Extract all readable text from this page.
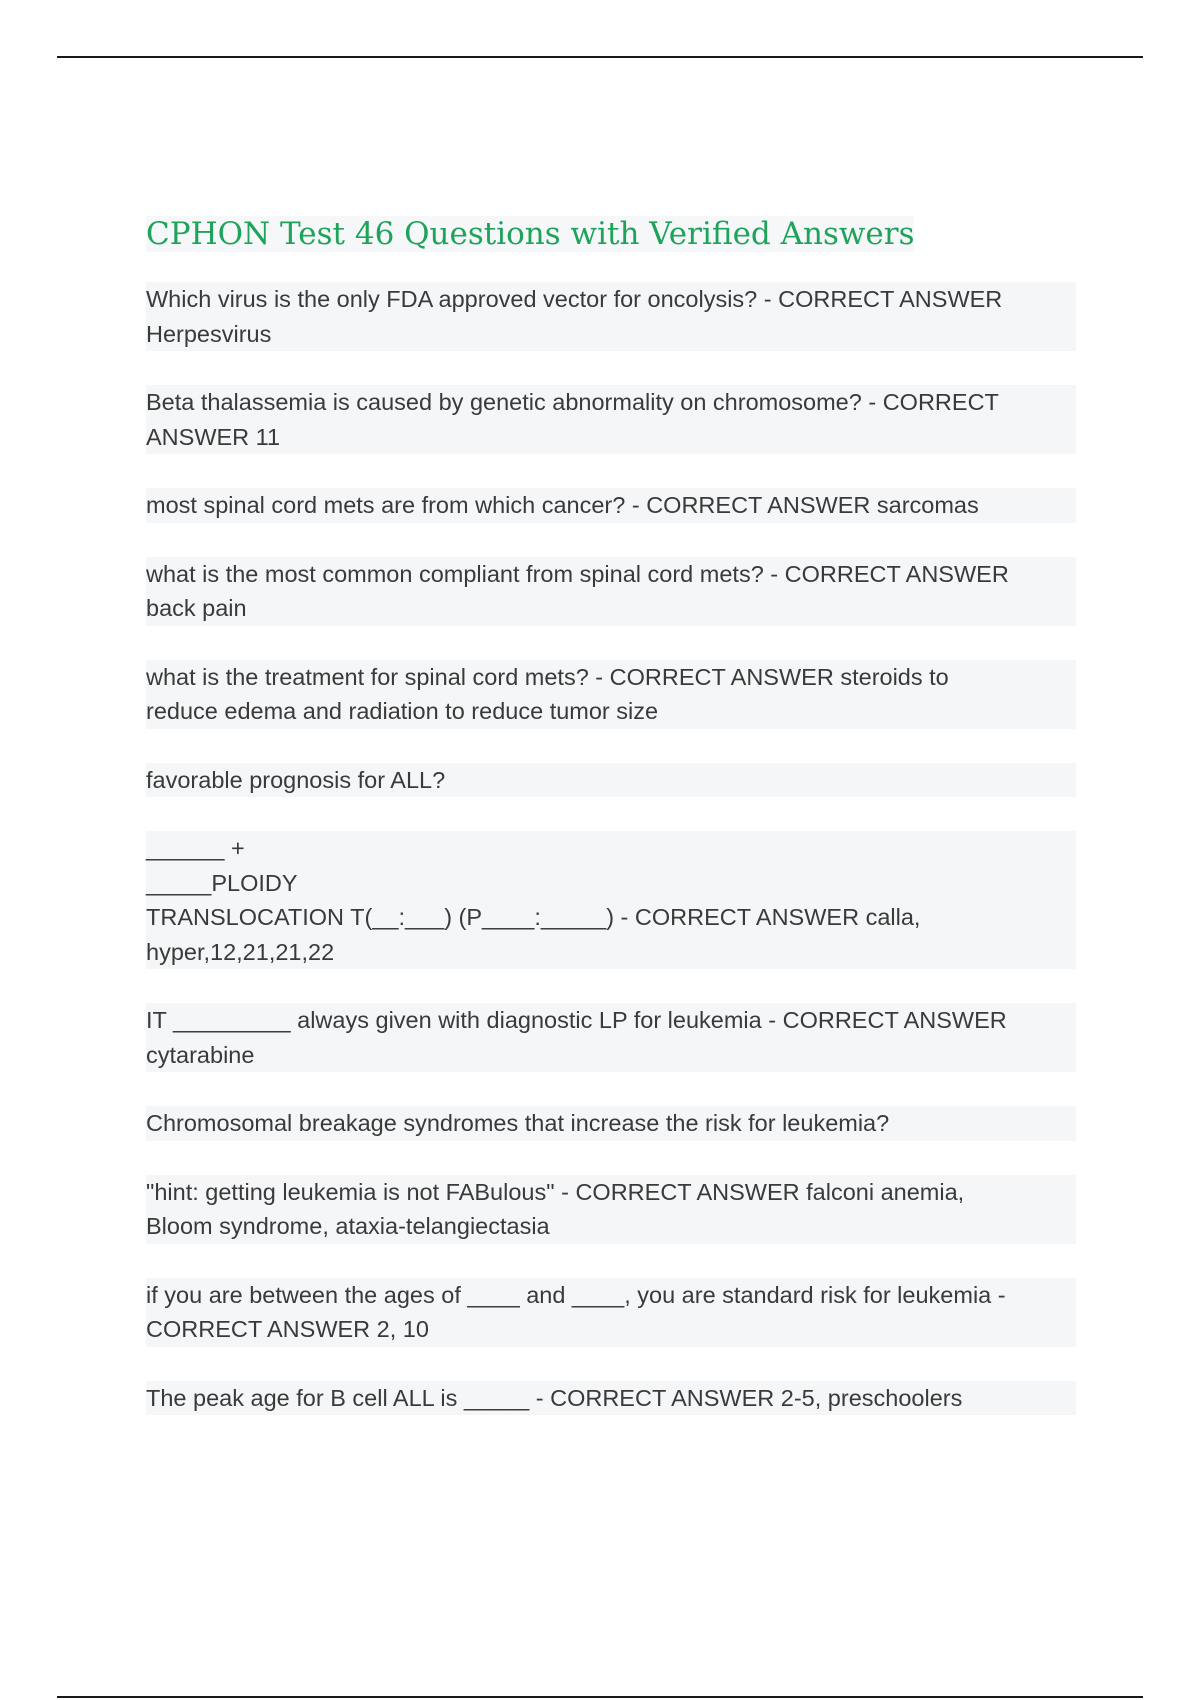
CPHON Test 46 Questions with Verified Answers
Which virus is the only FDA approved vector for oncolysis? - CORRECT ANSWER
Herpesvirus
Beta thalassemia is caused by genetic abnormality on chromosome? - CORRECT
ANSWER 11
most spinal cord mets are from which cancer? - CORRECT ANSWER sarcomas
what is the most common compliant from spinal cord mets? - CORRECT ANSWER
back pain
what is the treatment for spinal cord mets? - CORRECT ANSWER steroids to
reduce edema and radiation to reduce tumor size
favorable prognosis for ALL?
______ +
_____PLOIDY
TRANSLOCATION T(__:___) (P____:_____) - CORRECT ANSWER calla,
hyper,12,21,21,22
IT _________ always given with diagnostic LP for leukemia - CORRECT ANSWER
cytarabine
Chromosomal breakage syndromes that increase the risk for leukemia?
"hint: getting leukemia is not FABulous" - CORRECT ANSWER falconi anemia,
Bloom syndrome, ataxia-telangiectasia
if you are between the ages of ____ and ____, you are standard risk for leukemia -
CORRECT ANSWER 2, 10
The peak age for B cell ALL is _____ - CORRECT ANSWER 2-5, preschoolers
